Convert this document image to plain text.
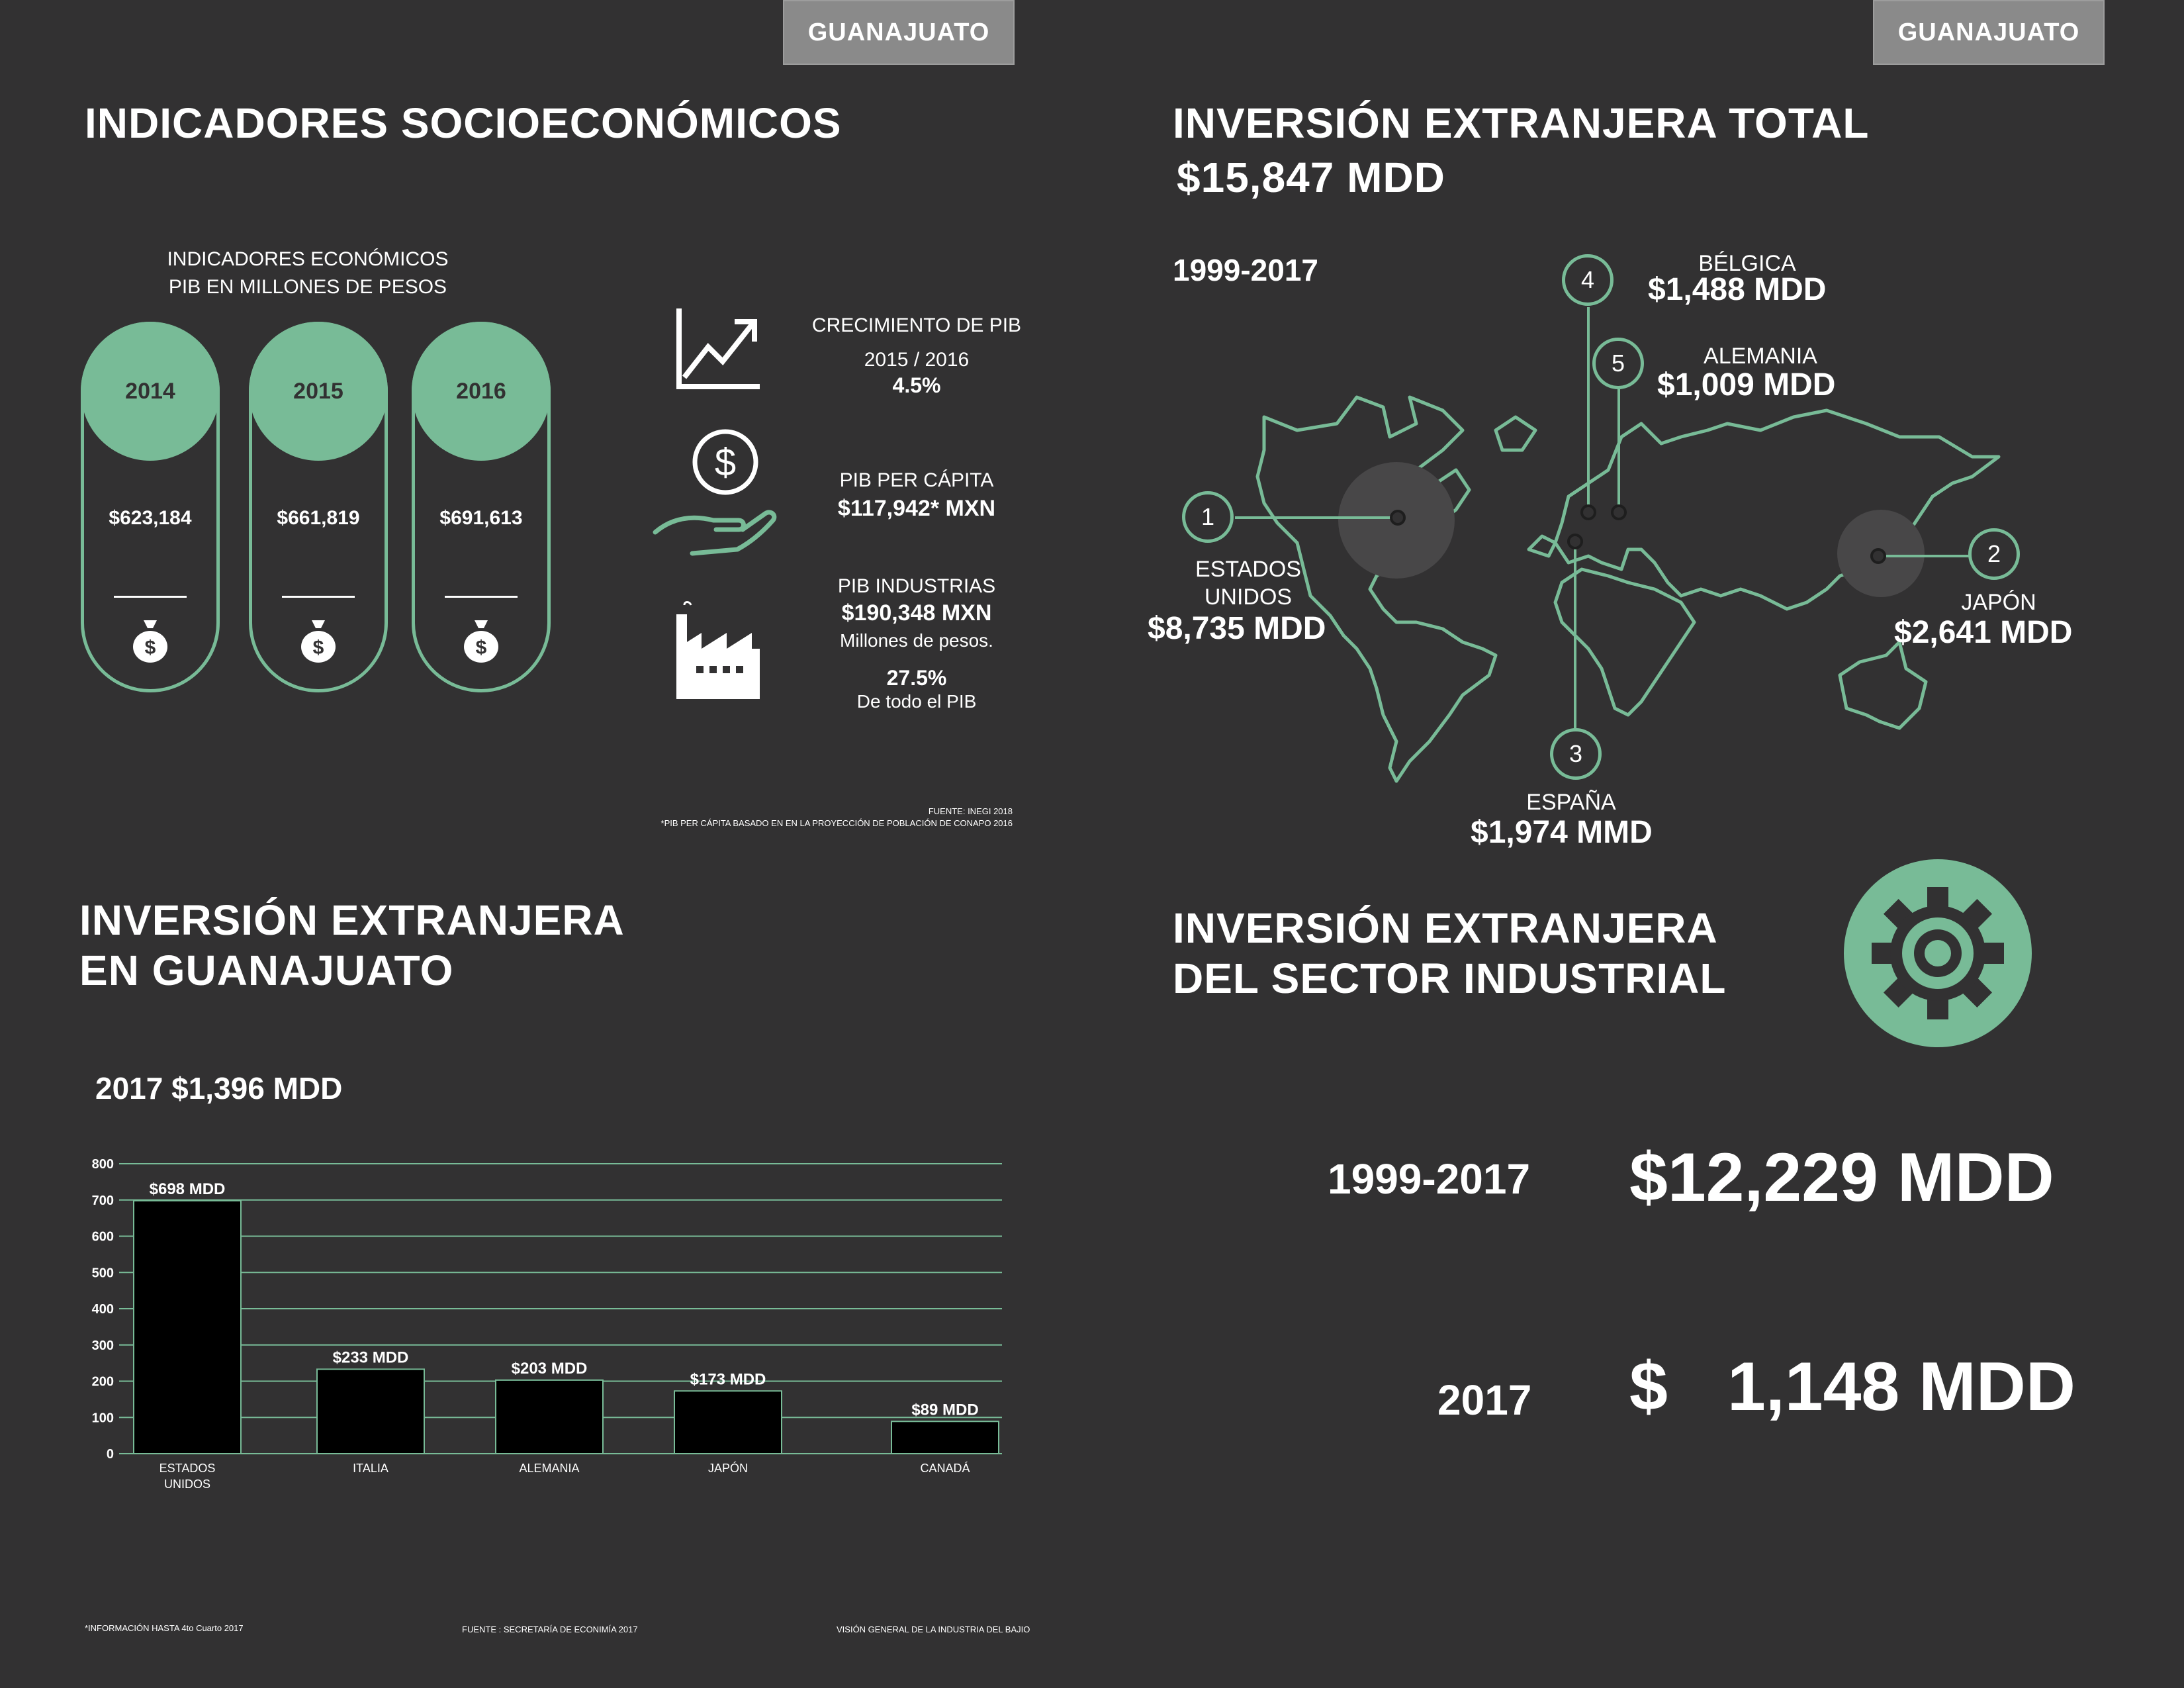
GUANAJUATO
INDICADORES SOCIOECONÓMICOS
INDICADORES ECONÓMICOS
PIB EN MILLONES DE PESOS
2014
$623,184
$
2015
$661,819
$
2016
$691,613
$
$
CRECIMIENTO DE PIB
2015 / 2016
4.5%
PIB PER CÁPITA
$117,942* MXN
PIB INDUSTRIAS
$190,348 MXN
Millones de pesos.
27.5%
De todo el PIB
FUENTE: INEGI 2018
*PIB PER CÁPITA BASADO EN EN LA PROYECCIÓN DE POBLACIÓN DE CONAPO 2016
GUANAJUATO
INVERSIÓN EXTRANJERA TOTAL
$15,847 MDD
1999-2017
1
2
3
4
5
ESTADOS
UNIDOS
$8,735 MDD
JAPÓN
$2,641 MDD
ESPAÑA
$1,974 MMD
BÉLGICA
$1,488 MDD
ALEMANIA
$1,009 MDD
INVERSIÓN EXTRANJERA
EN GUANAJUATO
2017 $1,396 MDD
0
100
200
300
400
500
600
700
800
$698 MDD
ESTADOS
UNIDOS
$233 MDD
ITALIA
$203 MDD
ALEMANIA
$173 MDD
JAPÓN
$89 MDD
CANADÁ
*INFORMACIÓN HASTA 4to Cuarto 2017	FUENTE : SECRETARÍA DE ECONIMÍA 2017	VISIÓN GENERAL DE LA INDUSTRIA DEL BAJIO
INVERSIÓN EXTRANJERA
DEL SECTOR INDUSTRIAL
1999-2017 $12,229 MDD
2017 $ 1,148 MDD
